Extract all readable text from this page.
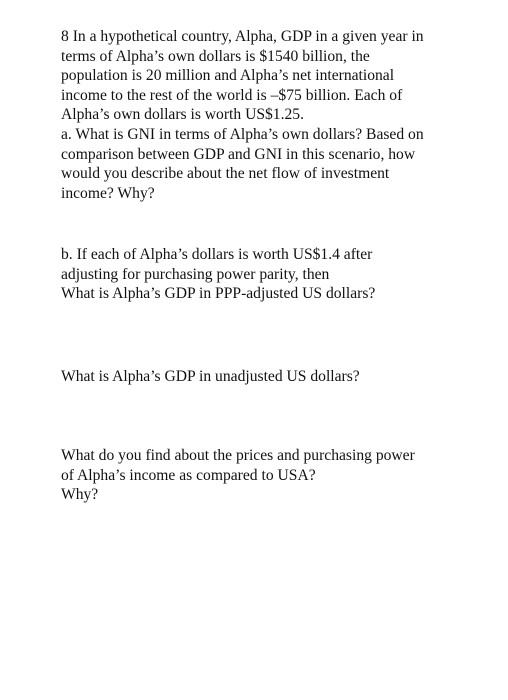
8 In a hypothetical country, Alpha, GDP in a given year in
terms of Alpha’s own dollars is $1540 billion, the
population is 20 million and Alpha’s net international
income to the rest of the world is –$75 billion. Each of
Alpha’s own dollars is worth US$1.25.
a. What is GNI in terms of Alpha’s own dollars? Based on
comparison between GDP and GNI in this scenario, how
would you describe about the net flow of investment
income? Why?
b. If each of Alpha’s dollars is worth US$1.4 after
adjusting for purchasing power parity, then
What is Alpha’s GDP in PPP-adjusted US dollars?
What is Alpha’s GDP in unadjusted US dollars?
What do you find about the prices and purchasing power
of Alpha’s income as compared to USA?
Why?
